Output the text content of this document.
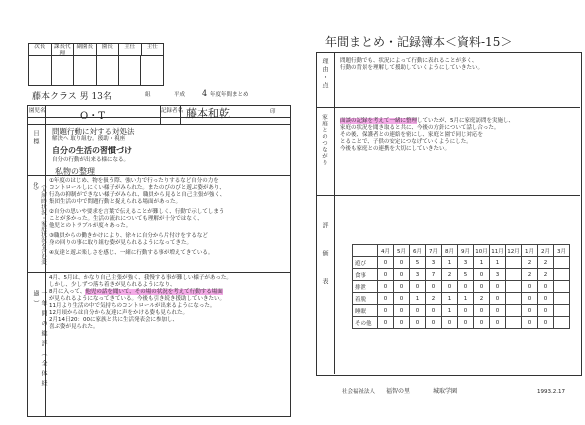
次長	課長代理
副園長	園長	主任	主任
藤本クラス 男 13名	組	平成 4 年度年間まとめ
園児名	O・T	記録者名 藤本和乾	印
目標 問題行動に対する対処法
解決へ 取り組む。援助・視座
自分の行動が出来る様になる。
自分の生活の習慣づけ
私物の整理
（入所時状況・家庭状況を含む変化）
①年度のはじめ、物を扱う際、強い力で行ったりするなど自分の力を
コントロールしにくい様子がみられた。またのびのびと遊ぶ姿があり、
行為の抑制ができない様子がみられ、職員から見ると自己主張が強く、
集団生活の中で問題行動と捉えられる場面があった。
②自分の思いや要求を言葉で伝えることが難しく、行動で示してしまう
ことが多かった。生活の流れについても理解が十分ではなく、
他児とのトラブルが度々あった。
③職員からの働きかけにより、徐々に自分から片付けをするなど
身の回りの事に取り組む姿が見られるようになってきた。
④友達と遊ぶ楽しさを感じ、一緒に行動する事が増えてきている。
一年間の総評（全体経過）
4月、5月は、かなり自己主張が強く、我慢する事が難しい様子があった。
しかし、少しずつ落ち着きが見られるようになり、
8月に入って、他児の話を聞いて、その場の状況を考えて行動する場面
が見られるようになってきている。今後も引き続き援助していきたい。
11月より生活の中で気持ちのコントロールが出来るようになった。
12月頃からは自分から友達に声をかける姿も見られた。
2月14日20：00に家族と共に生活発表会に参加し、
喜ぶ姿が見られた。
年間まとめ・記録簿本＜資料-15＞
理由・点 問題行動でも、状況によって行動に表れることが多く、
行動の背景を理解して援助していくようにしていきたい。
家庭とのつながり 面談の記録を考えて一緒に整理していたが、5月に家庭訪問を実施し、
家庭の状況を聞き取ると共に、今後の方針について話し合った。
その後、保護者との連絡を密にし、家庭と園で同じ対応を
とることで、子供の安定につなげていくようにした。
今後も家庭との連携を大切にしていきたい。
評価表
		4月	5月	6月	7月	8月	9月	10月	11月	12月	1月	2月	3月
遊び	0	0	5	3	1	3	1	1		2	2	
食事	0	0	3	7	2	5	0	3		2	2	
排泄	0	0	0	0	0	0	0	0		0	0	
着脱	0	0	1	2	1	1	2	0		0	0	
睡眠	0	0	0	0	1	0	0	0		0	0	
その他	0	0	0	0	0	0	0	0		0	0	
社会福祉法人 福智の里	城取学園	1993.2.17
